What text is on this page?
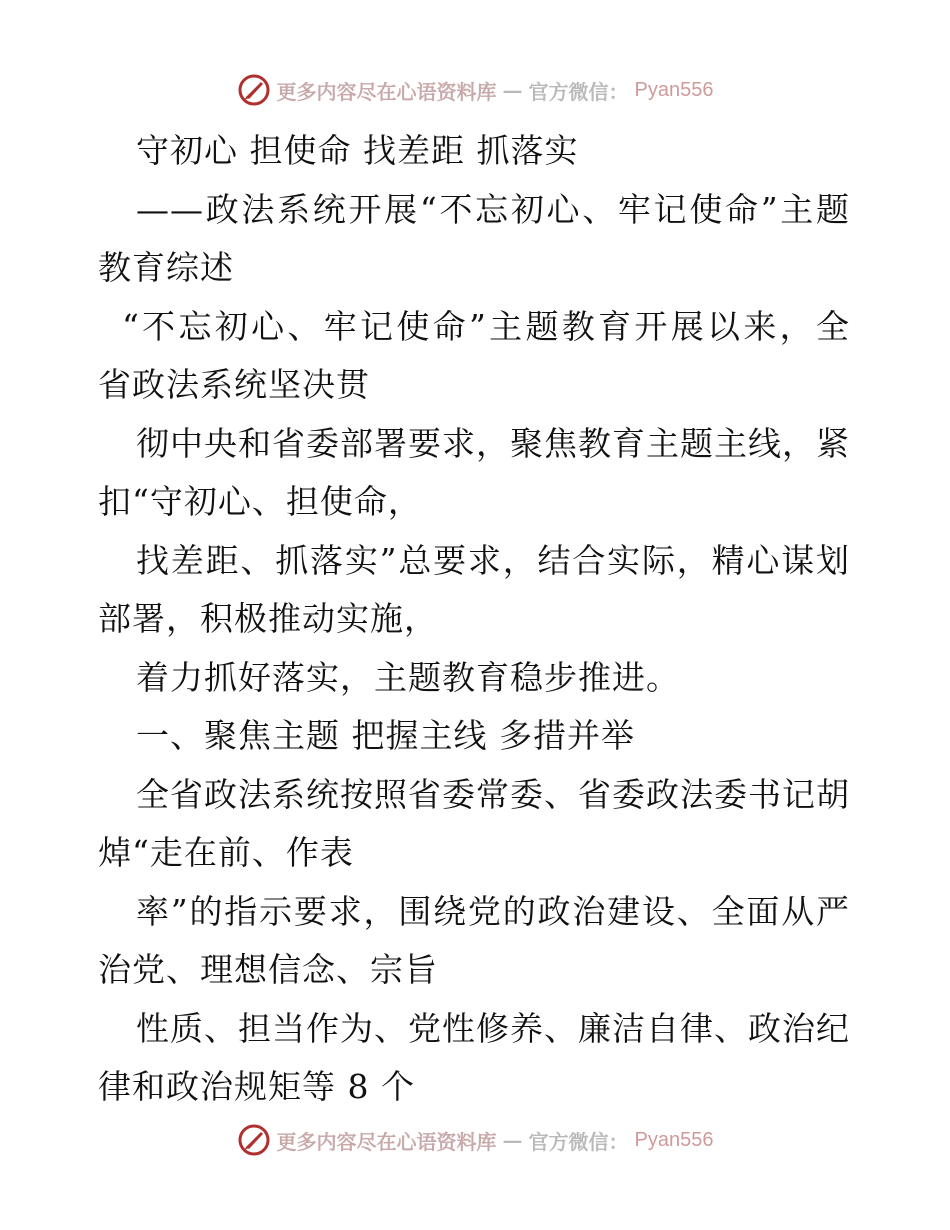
更多内容尽在心语资料库 — 官方微信： Pyan556
守初心 担使命 找差距 抓落实
——政法系统开展“不忘初心、牢记使命”主题
教育综述
“不忘初心、牢记使命”主题教育开展以来，全
省政法系统坚决贯
彻中央和省委部署要求，聚焦教育主题主线，紧
扣“守初心、担使命，
找差距、抓落实”总要求，结合实际，精心谋划
部署，积极推动实施，
着力抓好落实，主题教育稳步推进。
一、聚焦主题 把握主线 多措并举
全省政法系统按照省委常委、省委政法委书记胡
焯“走在前、作表
率”的指示要求，围绕党的政治建设、全面从严
治党、理想信念、宗旨
性质、担当作为、党性修养、廉洁自律、政治纪
律和政治规矩等 8 个
更多内容尽在心语资料库 — 官方微信： Pyan556
